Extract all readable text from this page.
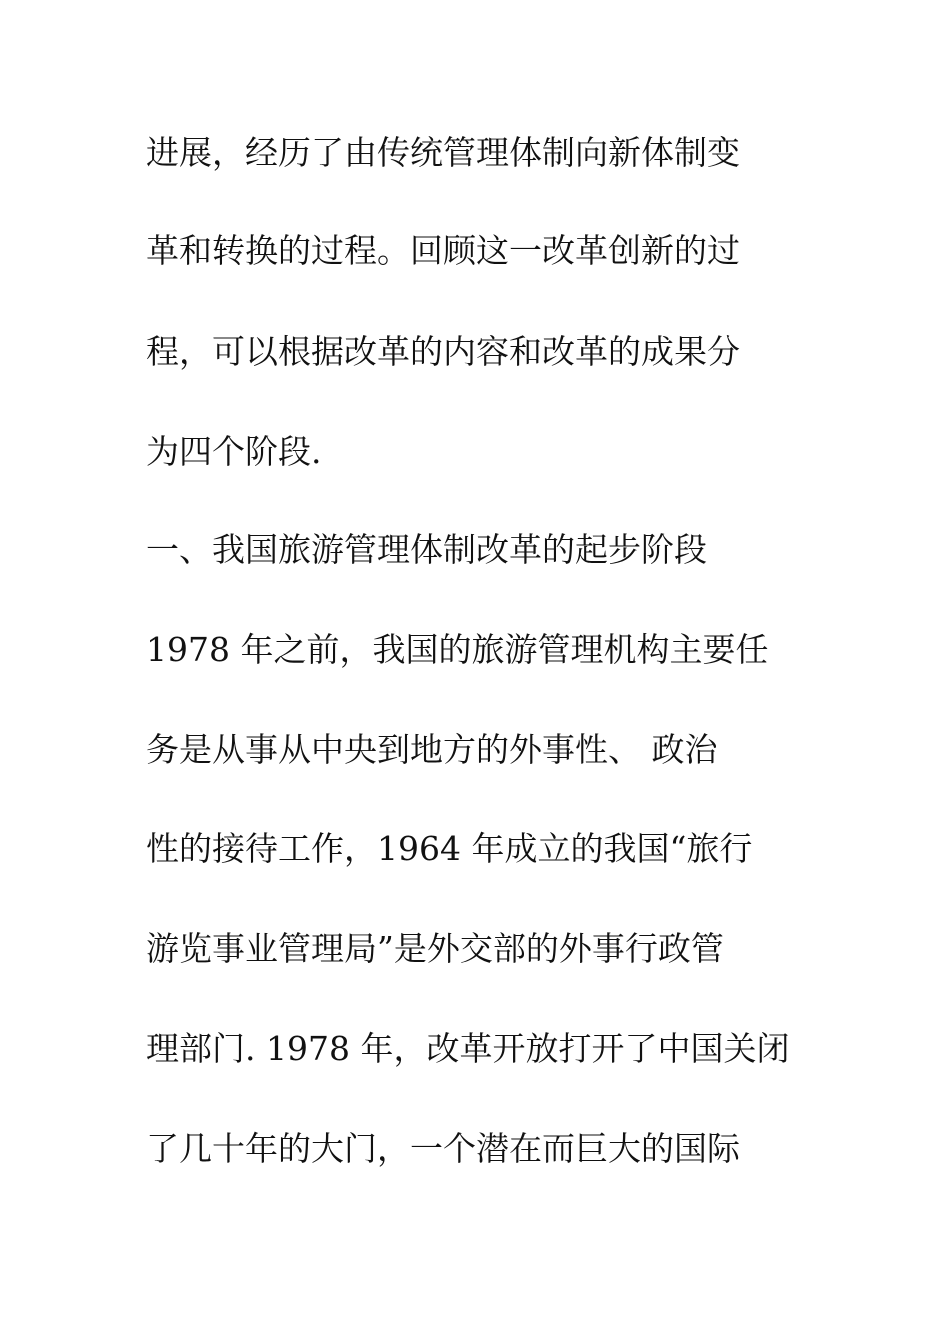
进展，经历了由传统管理体制向新体制变
革和转换的过程。回顾这一改革创新的过
程，可以根据改革的内容和改革的成果分
为四个阶段.
一、我国旅游管理体制改革的起步阶段
1978 年之前，我国的旅游管理机构主要任
务是从事从中央到地方的外事性、 政治
性的接待工作，1964 年成立的我国“旅行
游览事业管理局”是外交部的外事行政管
理部门. 1978 年，改革开放打开了中国关闭
了几十年的大门，一个潜在而巨大的国际
